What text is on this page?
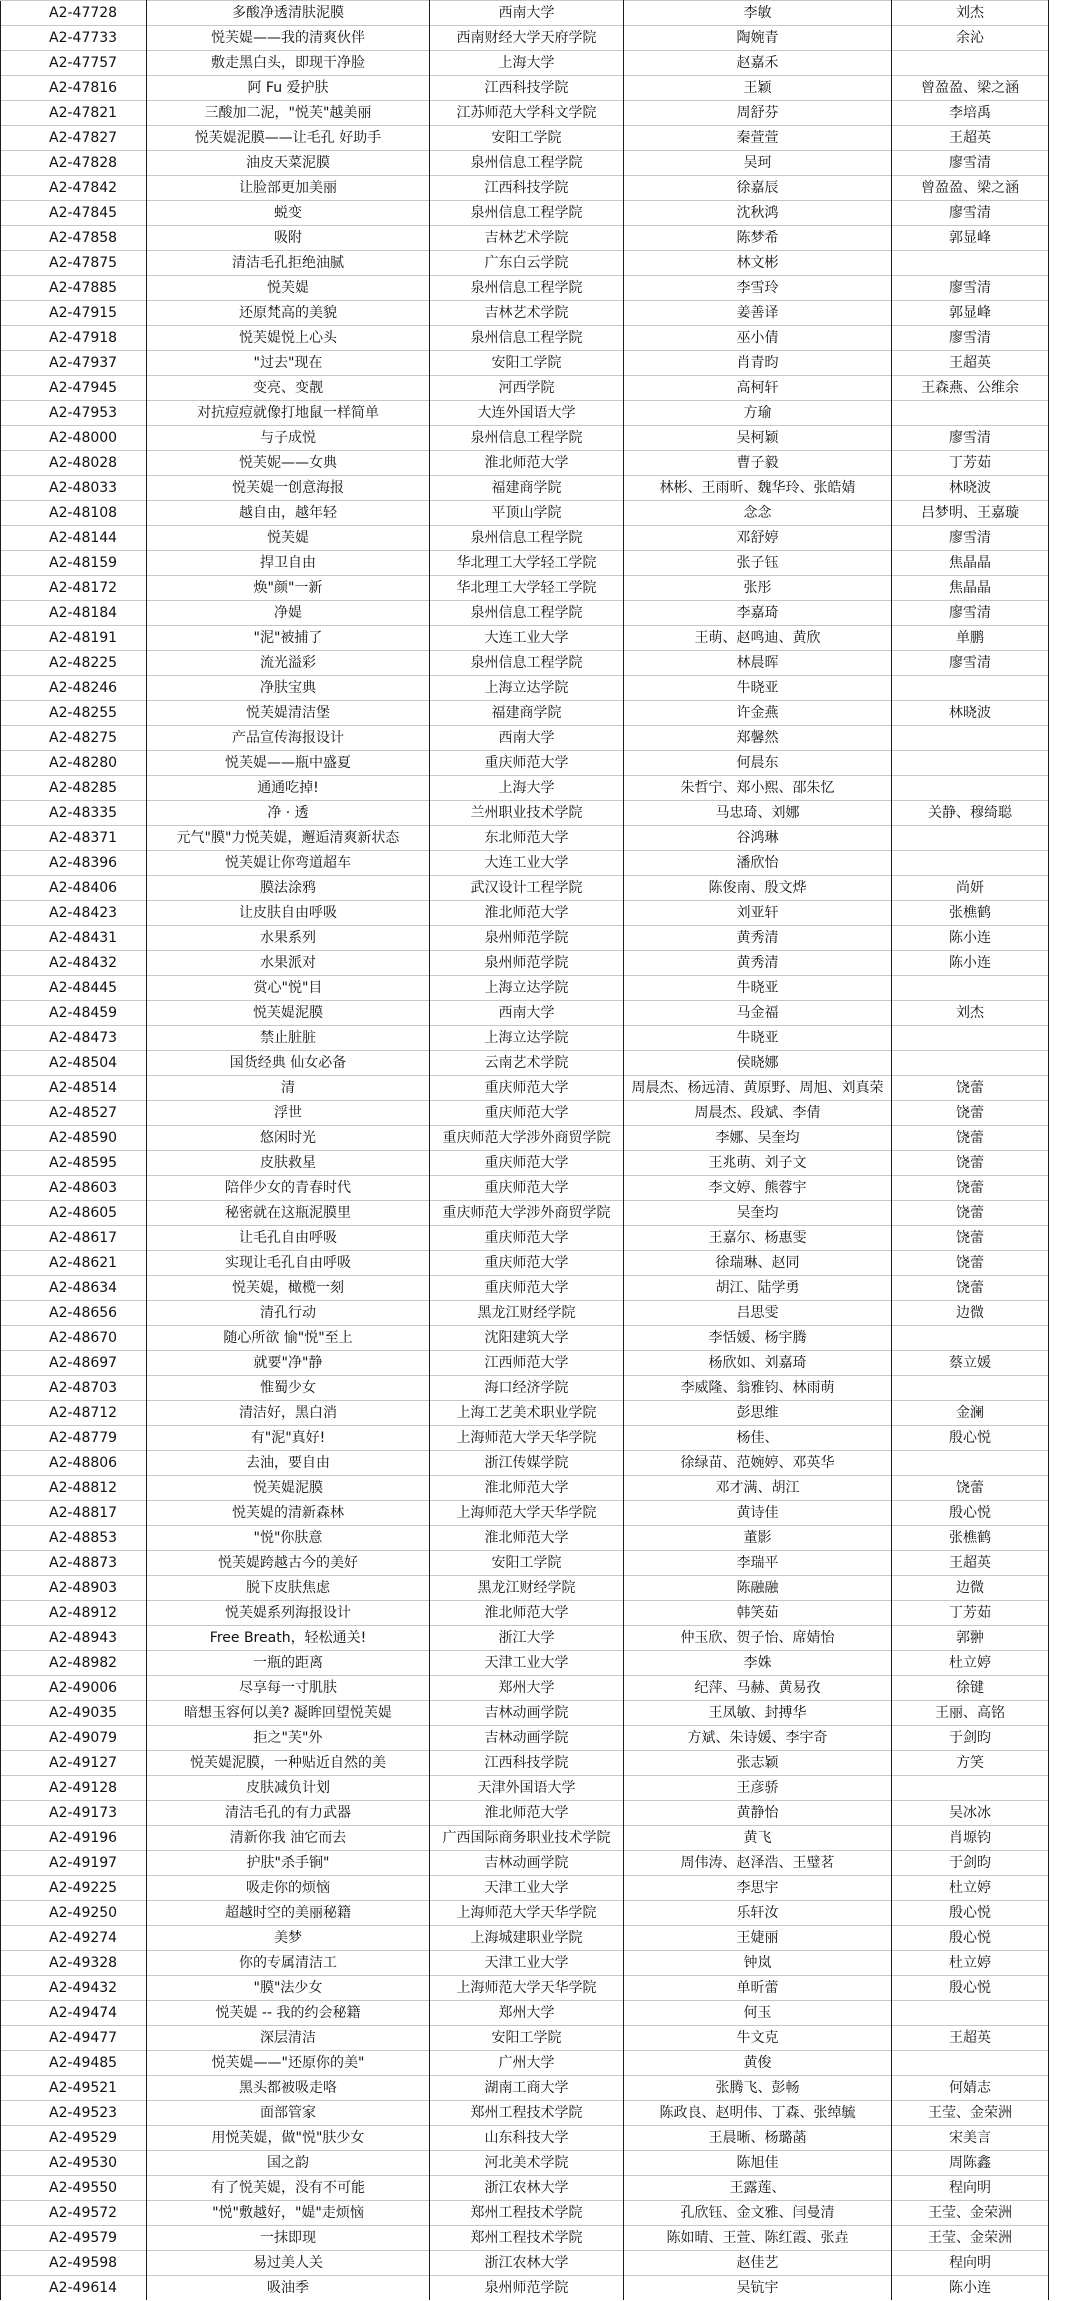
A2-47728	多酸净透清肤泥膜	西南大学	李敏	刘杰
A2-47733	悦芙媞——我的清爽伙伴	西南财经大学天府学院	陶婉青	余沁
A2-47757	敷走黑白头，即现干净脸	上海大学	赵嘉禾	
A2-47816	阿 Fu 爱护肤	江西科技学院	王颖	曾盈盈、梁之涵
A2-47821	三酸加二泥，"悦芙"越美丽	江苏师范大学科文学院	周舒芬	李培禹
A2-47827	悦芙媞泥膜——让毛孔 好助手	安阳工学院	秦萱萱	王超英
A2-47828	油皮天菜泥膜	泉州信息工程学院	吴珂	廖雪清
A2-47842	让脸部更加美丽	江西科技学院	徐嘉辰	曾盈盈、梁之涵
A2-47845	蜕变	泉州信息工程学院	沈秋鸿	廖雪清
A2-47858	吸附	吉林艺术学院	陈梦希	郭显峰
A2-47875	清洁毛孔拒绝油腻	广东白云学院	林文彬	
A2-47885	悦芙媞	泉州信息工程学院	李雪玲	廖雪清
A2-47915	还原梵高的美貌	吉林艺术学院	姜善译	郭显峰
A2-47918	悦芙媞悦上心头	泉州信息工程学院	巫小倩	廖雪清
A2-47937	"过去"现在	安阳工学院	肖青昀	王超英
A2-47945	变亮、变靓	河西学院	高柯轩	王森燕、公维余
A2-47953	对抗痘痘就像打地鼠一样简单	大连外国语大学	方瑜	
A2-48000	与子成悦	泉州信息工程学院	吴柯颖	廖雪清
A2-48028	悦芙妮——女典	淮北师范大学	曹子毅	丁芳茹
A2-48033	悦芙媞一创意海报	福建商学院	林彬、王雨昕、魏华玲、张皓婧	林晓波
A2-48108	越自由，越年轻	平顶山学院	念念	吕梦明、王嘉璇
A2-48144	悦芙媞	泉州信息工程学院	邓舒婷	廖雪清
A2-48159	捍卫自由	华北理工大学轻工学院	张子钰	焦晶晶
A2-48172	焕"颜"一新	华北理工大学轻工学院	张彤	焦晶晶
A2-48184	净媞	泉州信息工程学院	李嘉琦	廖雪清
A2-48191	"泥"被捕了	大连工业大学	王萌、赵鸣迪、黄欣	单鹏
A2-48225	流光溢彩	泉州信息工程学院	林晨晖	廖雪清
A2-48246	净肤宝典	上海立达学院	牛晓亚	
A2-48255	悦芙媞清洁堡	福建商学院	许金燕	林晓波
A2-48275	产品宣传海报设计	西南大学	郑馨然	
A2-48280	悦芙媞——瓶中盛夏	重庆师范大学	何晨东	
A2-48285	通通吃掉!	上海大学	朱哲宁、郑小熙、邵朱忆	
A2-48335	净 · 透	兰州职业技术学院	马忠琦、刘娜	关静、穆绮聪
A2-48371	元气"膜"力悦芙媞，邂逅清爽新状态	东北师范大学	谷鸿琳	
A2-48396	悦芙媞让你弯道超车	大连工业大学	潘欣怡	
A2-48406	膜法涂鸦	武汉设计工程学院	陈俊南、殷文烨	尚妍
A2-48423	让皮肤自由呼吸	淮北师范大学	刘亚轩	张樵鹤
A2-48431	水果系列	泉州师范学院	黄秀清	陈小连
A2-48432	水果派对	泉州师范学院	黄秀清	陈小连
A2-48445	赏心"悦"目	上海立达学院	牛晓亚	
A2-48459	悦芙媞泥膜	西南大学	马金福	刘杰
A2-48473	禁止脏脏	上海立达学院	牛晓亚	
A2-48504	国货经典 仙女必备	云南艺术学院	侯晓娜	
A2-48514	清	重庆师范大学	周晨杰、杨远清、黄原野、周旭、刘真荣	饶蕾
A2-48527	浮世	重庆师范大学	周晨杰、段斌、李倩	饶蕾
A2-48590	悠闲时光	重庆师范大学涉外商贸学院	李娜、吴奎均	饶蕾
A2-48595	皮肤救星	重庆师范大学	王兆萌、刘子文	饶蕾
A2-48603	陪伴少女的青春时代	重庆师范大学	李文婷、熊蓉宇	饶蕾
A2-48605	秘密就在这瓶泥膜里	重庆师范大学涉外商贸学院	吴奎均	饶蕾
A2-48617	让毛孔自由呼吸	重庆师范大学	王嘉尔、杨惠雯	饶蕾
A2-48621	实现让毛孔自由呼吸	重庆师范大学	徐瑞琳、赵同	饶蕾
A2-48634	悦芙媞，橄榄一刻	重庆师范大学	胡江、陆学勇	饶蕾
A2-48656	清孔行动	黑龙江财经学院	吕思雯	边微
A2-48670	随心所欲 愉"悦"至上	沈阳建筑大学	李恬媛、杨宇腾	
A2-48697	就要"净"静	江西师范大学	杨欣如、刘嘉琦	蔡立媛
A2-48703	惟蜀少女	海口经济学院	李威隆、翁雅钧、林雨萌	
A2-48712	清洁好，黑白消	上海工艺美术职业学院	彭思维	金澜
A2-48779	有"泥"真好!	上海师范大学天华学院	杨佳、	殷心悦
A2-48806	去油，要自由	浙江传媒学院	徐绿苗、范婉婷、邓英华	
A2-48812	悦芙媞泥膜	淮北师范大学	邓才满、胡江	饶蕾
A2-48817	悦芙媞的清新森林	上海师范大学天华学院	黄诗佳	殷心悦
A2-48853	"悦"你肤意	淮北师范大学	董影	张樵鹤
A2-48873	悦芙媞跨越古今的美好	安阳工学院	李瑞平	王超英
A2-48903	脱下皮肤焦虑	黑龙江财经学院	陈融融	边微
A2-48912	悦芙媞系列海报设计	淮北师范大学	韩笑茹	丁芳茹
A2-48943	Free Breath，轻松通关!	浙江大学	仲玉欣、贺子怡、席婧怡	郭翀
A2-48982	一瓶的距离	天津工业大学	李姝	杜立婷
A2-49006	尽享每一寸肌肤	郑州大学	纪萍、马赫、黄易孜	徐键
A2-49035	暗想玉容何以美? 凝眸回望悦芙媞	吉林动画学院	王凤敏、封搏华	王丽、高铭
A2-49079	拒之"芙"外	吉林动画学院	方斌、朱诗媛、李宇奇	于剑昀
A2-49127	悦芙媞泥膜，一种贴近自然的美	江西科技学院	张志颖	方笑
A2-49128	皮肤减负计划	天津外国语大学	王彦骄	
A2-49173	清洁毛孔的有力武器	淮北师范大学	黄静怡	吴冰冰
A2-49196	清新你我 油它而去	广西国际商务职业技术学院	黄飞	肖塬钧
A2-49197	护肤"杀手锏"	吉林动画学院	周伟涛、赵泽浩、王璧茗	于剑昀
A2-49225	吸走你的烦恼	天津工业大学	李思宇	杜立婷
A2-49250	超越时空的美丽秘籍	上海师范大学天华学院	乐轩汝	殷心悦
A2-49274	美梦	上海城建职业学院	王婕丽	殷心悦
A2-49328	你的专属清洁工	天津工业大学	钟岚	杜立婷
A2-49432	"膜"法少女	上海师范大学天华学院	单昕蕾	殷心悦
A2-49474	悦芙媞 -- 我的约会秘籍	郑州大学	何玉	
A2-49477	深层清洁	安阳工学院	牛文克	王超英
A2-49485	悦芙媞——"还原你的美"	广州大学	黄俊	
A2-49521	黑头都被吸走咯	湖南工商大学	张腾飞、彭畅	何婧志
A2-49523	面部管家	郑州工程技术学院	陈政良、赵明伟、丁森、张绰毓	王莹、金荣洲
A2-49529	用悦芙媞，做"悦"肤少女	山东科技大学	王晨晰、杨璐菡	宋美言
A2-49530	国之韵	河北美术学院	陈旭佳	周陈鑫
A2-49550	有了悦芙媞，没有不可能	浙江农林大学	王露莲、	程向明
A2-49572	"悦"敷越好，"媞"走烦恼	郑州工程技术学院	孔欣钰、金文雅、闫曼清	王莹、金荣洲
A2-49579	一抹即现	郑州工程技术学院	陈如晴、王萱、陈红霞、张垚	王莹、金荣洲
A2-49598	易过美人关	浙江农林大学	赵佳艺	程向明
A2-49614	吸油季	泉州师范学院	吴钪宇	陈小连
